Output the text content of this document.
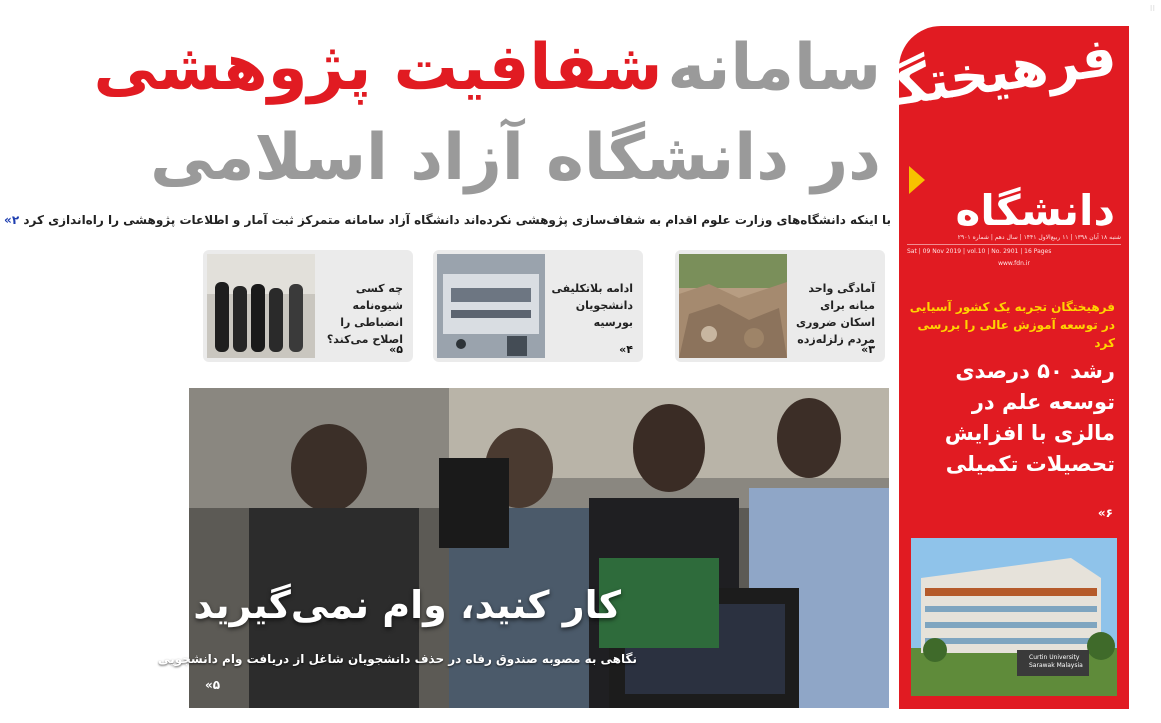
⁝⁝
سامانه شفافیت پژوهشی
در دانشگاه آزاد اسلامی
با اینکه دانشگاه‌های وزارت علوم اقدام به شفاف‌سازی پژوهشی نکرده‌اند دانشگاه آزاد سامانه متمرکز ثبت آمار و اطلاعات پژوهشی را راه‌اندازی کرد ۲»
آمادگی واحد میانه برای اسکان ضروری مردم زلزله‌زده
۳»
ادامه بلاتکلیفی دانشجویان بورسیه
۴»
چه کسی شیوه‌نامه انضباطی را اصلاح می‌کند؟
۵»
کار کنید، وام نمی‌گیرید
نگاهی به مصوبه صندوق رفاه در حذف دانشجویان شاغل از دریافت وام دانشجویی
۵»
فرهیختگان
دانشگاه
شنبه ۱۸ آبان ۱۳۹۸ | ۱۱ ربیع‌الاول ۱۴۴۱ | سال دهم | شماره ۲۹۰۱
Sat | 09 Nov 2019 | vol.10 | No. 2901 | 16 Pages
www.fdn.ir
فرهیختگان تجربه یک کشور آسیایی در توسعه آموزش عالی را بررسی کرد
رشد ۵۰ درصدی توسعه علم در مالزی با افزایش تحصیلات تکمیلی
۶»
Curtin University Sarawak Malaysia
